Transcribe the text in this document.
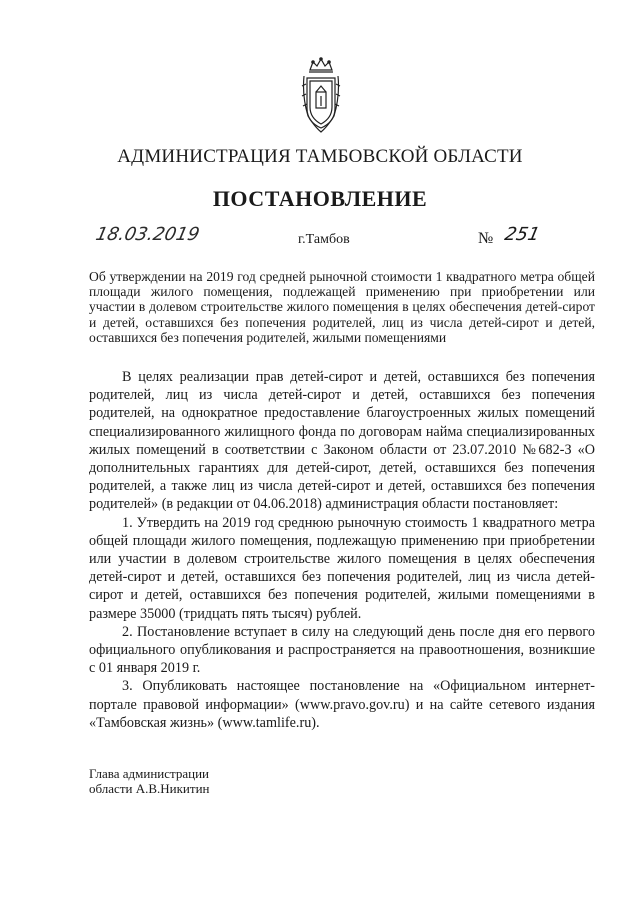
АДМИНИСТРАЦИЯ ТАМБОВСКОЙ ОБЛАСТИ
ПОСТАНОВЛЕНИЕ
18.03.2019	г.Тамбов	№ 251
Об утверждении на 2019 год средней рыночной стоимости 1 квадратного метра общей площади жилого помещения, подлежащей применению при приобретении или участии в долевом строительстве жилого помещения в целях обеспечения детей-сирот и детей, оставшихся без попечения родителей, лиц из числа детей-сирот и детей, оставшихся без попечения родителей, жилыми помещениями

В целях реализации прав детей-сирот и детей, оставшихся без попечения родителей, лиц из числа детей-сирот и детей, оставшихся без попечения родителей, на однократное предоставление благоустроенных жилых помещений специализированного жилищного фонда по договорам найма специализированных жилых помещений в соответствии с Законом области от 23.07.2010 №682-З «О дополнительных гарантиях для детей-сирот, детей, оставшихся без попечения родителей, а также лиц из числа детей-сирот и детей, оставшихся без попечения родителей» (в редакции от 04.06.2018) администрация области постановляет:

1. Утвердить на 2019 год среднюю рыночную стоимость 1 квадратного метра общей площади жилого помещения, подлежащую применению при приобретении или участии в долевом строительстве жилого помещения в целях обеспечения детей-сирот и детей, оставшихся без попечения родителей, лиц из числа детей-сирот и детей, оставшихся без попечения родителей, жилыми помещениями в размере 35000 (тридцать пять тысяч) рублей.

2. Постановление вступает в силу на следующий день после дня его первого официального опубликования и распространяется на правоотношения, возникшие с 01 января 2019 г.

3. Опубликовать настоящее постановление на «Официальном интернет-портале правовой информации» (www.pravo.gov.ru) и на сайте сетевого издания «Тамбовская жизнь» (www.tamlife.ru).

Глава администрации
области А.В.Никитин
